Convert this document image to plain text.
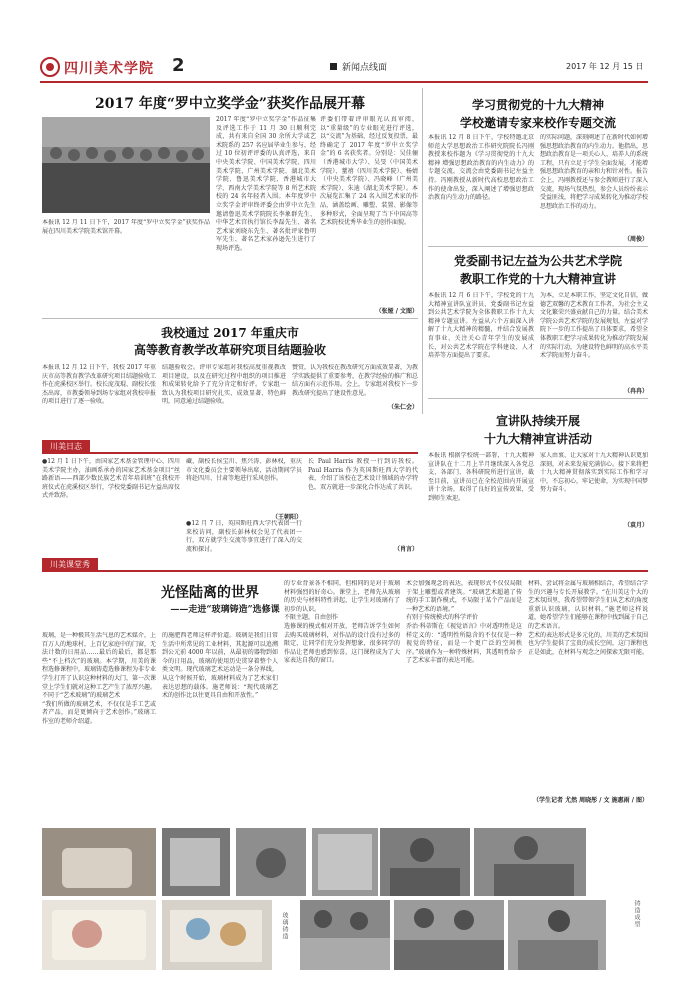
四川美术学院 2	新闻点线面	2017 年 12 月 15 日
2017 年度“罗中立奖学金”获奖作品展开幕
本报讯 12 月 11 日下午，2017 年度“罗中立奖学金”获奖作品展在四川美术学院美术馆开幕。
2017 年度“罗中立奖学金”作品征集及评选工作于 11 月 30 日顺利完成，共有来自全国 30 余所大学或艺术院系的 257 名应届毕业生参与，经过 10 位初评评委的认真评选，来自中央美术学院、中国美术学院、四川美术学院、广州美术学院、湖北美术学院、鲁迅美术学院、香港城市大学、西南大学美术学院等 8 所艺术院校的 24 名年轻者入围。本年度罗中立奖学金评审终评委会由罗中立先生邀请鲁迅美术学院院长李象群先生、中华艺术宫执行馆长李磊先生、著名艺术家刘晓东先生、著名批评家鲁明军先生、著名艺术家孙逊先生进行了现场评选。
评委们带着评审眼光认真审阅，以“重量级”的专业眼光进行评选，以“交流”为基础，经过反复投票，最终确定了 2017 年度“罗中立奖学金”的 6 名获奖者。分别是：吴佳俪（香港城市大学）、吴旻（中国美术学院）、蕫禧（四川美术学院）、杨婧（中央美术学院）、冯晓峰（广州美术学院）、朱迪（湖北美术学院）。本次展览汇集了 24 名入围艺术家的作品，涵盖绘画、雕塑、装置、影像等多种形式，全面呈现了当下中国高等艺术院校优秀毕业生的创作面貌。
（张娅 / 文图）
学习贯彻党的十九大精神
学校邀请专家来校作专题交流
本报讯 12 月 8 日下午，学校特邀北京师范大学思想政治工作研究院院长冯刚教授来校作题为《学习贯彻党的十九大精神 增强思想政治教育的内生动力》的专题交流，交流会由党委副书记左益主持。冯刚教授从新时代高校思想政治工作的使命出发，深入阐述了增强思想政治教育内生动力的路径。
的实际问题，深刻阐述了在新时代如何增强思想政治教育的内生动力。他指出，思想政治教育是一项关心人、培养人的系统工程，只有立足于学生全面发展，才能增强思想政治教育的亲和力和针对性。报告会上，冯刚教授还与参会教师进行了深入交流，现场气氛热烈，参会人员纷纷表示受益匪浅，将把学习成果转化为推动学校思想政治工作的动力。
（周俊）
党委副书记左益为公共艺术学院
教职工作党的十九大精神宣讲
本报讯 12 月 6 日下午，学校党的十九大精神宣讲队宣讲员、党委副书记左益到公共艺术学院为全体教职工作十九大精神专题宣讲。左益从六个方面深入讲解了十九大精神的精髓，并结合发展教育事业、关注关心青年学生的发展成长，对公共艺术学院在学科建设、人才培养等方面提出了要求。
为本，立足本职工作，坚定文化自信，做德艺双馨的艺术教育工作者，为社会主义文化繁荣兴盛贡献自己的力量。结合美术学院公共艺术学院的发展规划，左益对学院下一步的工作提出了具体要求，希望全体教职工把学习成果转化为推动学院发展的实际行动，为建设特色鲜明的高水平美术学院而努力奋斗。
（冉冉）
我校通过 2017 年重庆市
高等教育教学改革研究项目结题验收
本报讯 12 月 12 日下午，我校 2017 年重庆市高等教育教学改革研究项目结题验收工作在虎溪校区举行。校长庞茂琨、副校长张杰出席，市教委领导到场专家组对我校申报的项目进行了逐一验收。
结题验收会。评审专家组对我校高度重视教改项目建设，以及在研究过程中组织的项目推进和成果转化给予了充分肯定和好评。专家组一致认为我校项目研究扎实、成效显著、特色鲜明，同意通过结题验收。
赞赏，认为我校在教改研究方面成效显著，为教学实践提供了重要参考，在教学经验的推广和总结方面有示范作用。会上，专家组对我校下一步教改研究提出了建设性意见。
（朱仁会）
宣讲队持续开展
十九大精神宣讲活动
本报讯 根据学校统一部署，十九大精神宣讲队在十二月上半月继续深入各党总支、各部门、各科研院所进行宣讲，截至目前，宣讲员已在全校范围内开展宣讲十余场，取得了良好的宣传效果，受到师生欢迎。
家人由衷、让大家对十九大精神认识更加深刻，对未来发展充满信心。接下来将把十九大精神贯彻落实到实际工作和学习中，不忘初心，牢记使命，为实现中国梦努力奋斗。
（袁月）
川美日志
●12 月 1 日下午，由国家艺术基金管理中心、四川美术学院主办，油画系承办的国家艺术基金项目“丝路新语——西部少数民族艺术青年培训班”在我校开班仪式在虎溪校区举行，学校党委副书记左益出席仪式并致辞。
藏，副校长侯宝川、焦兴涛、彭林权，重庆市文化委员会主要领导出席，活动期间学员将赴四川、甘肃等地进行采风创作。
（王朝阳）
●12 月 7 日，英国斯旺西大学代表团一行来校访问，副校长彭林权会见了代表团一行，双方就学生交流等事宜进行了深入的交流和探讨。
长 Paul Harris 教授一行到访我校。Paul Harris 作为英国斯旺西大学的代表，介绍了该校在艺术设计领域的办学特色，双方就进一步深化合作达成了共识。
（肖言）
川美课堂秀
光怪陆离的世界
——走进“玻璃铸造”选修课
玻璃，是一种极其生活气息的艺术媒介，上百万人的地球村，上百亿家庭中的门窗，无法计数的日用品……最后的最后，都是那些“不上档次”的玻璃。本学期，川美的课程选修课程中，玻璃铸造选修课程为非专业学生打开了认识这种材料的大门，第一次课堂上学生们就对这种工艺产生了浓厚兴趣。
不同于“艺术玻璃”的玻璃艺术
“我们所做的玻璃艺术，不仅仅是手工艺或者产品，而是更倾向于艺术创作。”玻璃工作室的老师介绍道。
的施肥西老师这样评价道。玻璃是我们日常生活中所常见的工业材料，其起源可以追溯到公元前 4000 年以前，从最初的器物到如今的日用品，玻璃的使用历史贯穿着整个人类文明。现代玻璃艺术运动是一条分界线，从这个时候开始，玻璃材料成为了艺术家们表达思想的载体。施老师说：“现代玻璃艺术的创作比以往更具自由和开放性。”
的专业背景各不相同，但相同的是对于玻璃材料强烈的好奇心。课堂上，老师先从玻璃的历史与材料特性讲起，让学生对玻璃有了初步的认识。
不限主题，自由创作
选修课的模式相对开放，老师告诉学生如何去购买玻璃材料，对作品的设计没有过多的限定，让同学们充分发挥想象，很多同学的作品让老师也感到惊喜，这门课程成为了大家表达自我的窗口。
术会加强观念的表达，表现形式不仅仅局限于架上雕塑或者建筑。“玻璃艺术超越了传统的手工制作模式，不局限于某个产品而是一种艺术的语境。”
有别于传统模式的科学评价
乔治·科蒂斯在《视觉语言》中对透明性是这样定义的：“透明性所隐含的不仅仅是一种视觉的特征，而是一个更广泛的空间秩序。”玻璃作为一种特殊材料，其透明性给予了艺术家丰富的表达可能。
材料，尝试将金属与玻璃相结合，希望结合学生的兴趣与专长开展教学。“在川美这个大的艺术氛围里，我希望带领学生们从艺术的角度重新认识玻璃，认识材料。”施老师这样说道，她希望学生们能够在课程中找到属于自己的艺术语言。
艺术的表达形式是多元化的，川美的艺术氛围也为学生提供了宝贵的成长空间，这门课程也正是如此，在材料与观念之间探索无限可能。
（学生记者 尤然 周晓彤 / 文 施惠雨 / 图）
玻璃铸造	铸造成型
